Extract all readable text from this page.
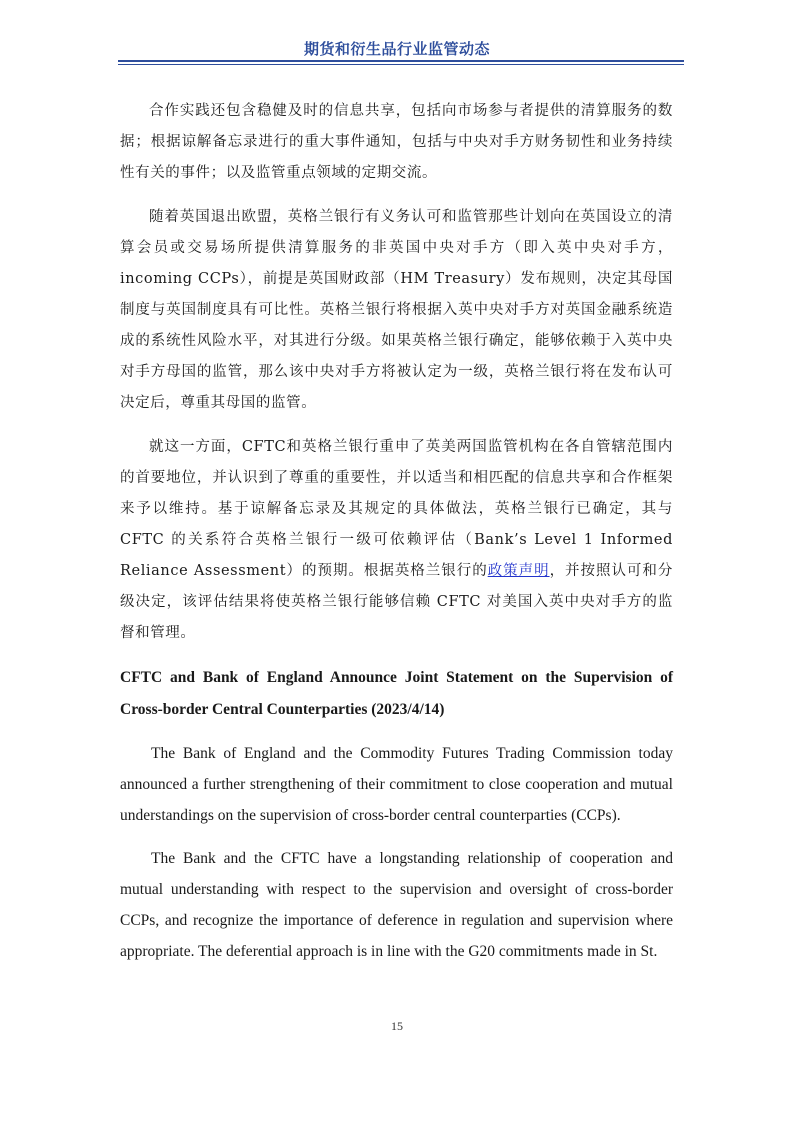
期货和衍生品行业监管动态

合作实践还包含稳健及时的信息共享，包括向市场参与者提供的清算服务的数据；根据谅解备忘录进行的重大事件通知，包括与中央对手方财务韧性和业务持续性有关的事件；以及监管重点领域的定期交流。

随着英国退出欧盟，英格兰银行有义务认可和监管那些计划向在英国设立的清算会员或交易场所提供清算服务的非英国中央对手方（即入英中央对手方，incoming CCPs），前提是英国财政部（HM Treasury）发布规则，决定其母国制度与英国制度具有可比性。英格兰银行将根据入英中央对手方对英国金融系统造成的系统性风险水平，对其进行分级。如果英格兰银行确定，能够依赖于入英中央对手方母国的监管，那么该中央对手方将被认定为一级，英格兰银行将在发布认可决定后，尊重其母国的监管。

就这一方面，CFTC和英格兰银行重申了英美两国监管机构在各自管辖范围内的首要地位，并认识到了尊重的重要性，并以适当和相匹配的信息共享和合作框架来予以维持。基于谅解备忘录及其规定的具体做法，英格兰银行已确定，其与 CFTC 的关系符合英格兰银行一级可依赖评估（Bank’s Level 1 Informed Reliance Assessment）的预期。根据英格兰银行的政策声明，并按照认可和分级决定，该评估结果将使英格兰银行能够信赖 CFTC 对美国入英中央对手方的监督和管理。

CFTC and Bank of England Announce Joint Statement on the Supervision of Cross-border Central Counterparties (2023/4/14)

The Bank of England and the Commodity Futures Trading Commission today announced a further strengthening of their commitment to close cooperation and mutual understandings on the supervision of cross-border central counterparties (CCPs).

The Bank and the CFTC have a longstanding relationship of cooperation and mutual understanding with respect to the supervision and oversight of cross-border CCPs, and recognize the importance of deference in regulation and supervision where appropriate. The deferential approach is in line with the G20 commitments made in St.

15
